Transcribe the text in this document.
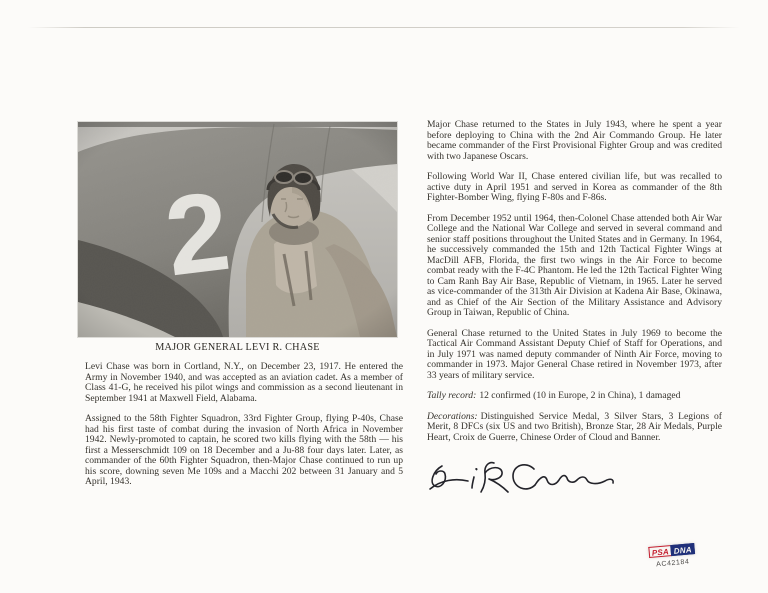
MAJOR GENERAL LEVI R. CHASE

Levi Chase was born in Cortland, N.Y., on December 23, 1917. He entered the Army in November 1940, and was accepted as an aviation cadet. As a member of Class 41-G, he received his pilot wings and commission as a second lieutenant in September 1941 at Maxwell Field, Alabama.

Assigned to the 58th Fighter Squadron, 33rd Fighter Group, flying P-40s, Chase had his first taste of combat during the invasion of North Africa in November 1942. Newly-promoted to captain, he scored two kills flying with the 58th — his first a Messerschmidt 109 on 18 December and a Ju-88 four days later. Later, as commander of the 60th Fighter Squadron, then-Major Chase continued to run up his score, downing seven Me 109s and a Macchi 202 between 31 January and 5 April, 1943.

Major Chase returned to the States in July 1943, where he spent a year before deploying to China with the 2nd Air Commando Group. He later became commander of the First Provisional Fighter Group and was credited with two Japanese Oscars.

Following World War II, Chase entered civilian life, but was recalled to active duty in April 1951 and served in Korea as commander of the 8th Fighter-Bomber Wing, flying F-80s and F-86s.

From December 1952 until 1964, then-Colonel Chase attended both Air War College and the National War College and served in several command and senior staff positions throughout the United States and in Germany. In 1964, he successively commanded the 15th and 12th Tactical Fighter Wings at MacDill AFB, Florida, the first two wings in the Air Force to become combat ready with the F-4C Phantom. He led the 12th Tactical Fighter Wing to Cam Ranh Bay Air Base, Republic of Vietnam, in 1965. Later he served as vice-commander of the 313th Air Division at Kadena Air Base, Okinawa, and as Chief of the Air Section of the Military Assistance and Advisory Group in Taiwan, Republic of China.

General Chase returned to the United States in July 1969 to become the Tactical Air Command Assistant Deputy Chief of Staff for Operations, and in July 1971 was named deputy commander of Ninth Air Force, moving to commander in 1973. Major General Chase retired in November 1973, after 33 years of military service.

Tally record: 12 confirmed (10 in Europe, 2 in China), 1 damaged

Decorations: Distinguished Service Medal, 3 Silver Stars, 3 Legions of Merit, 8 DFCs (six US and two British), Bronze Star, 28 Air Medals, Purple Heart, Croix de Guerre, Chinese Order of Cloud and Banner.

PSA DNA
AC42184
